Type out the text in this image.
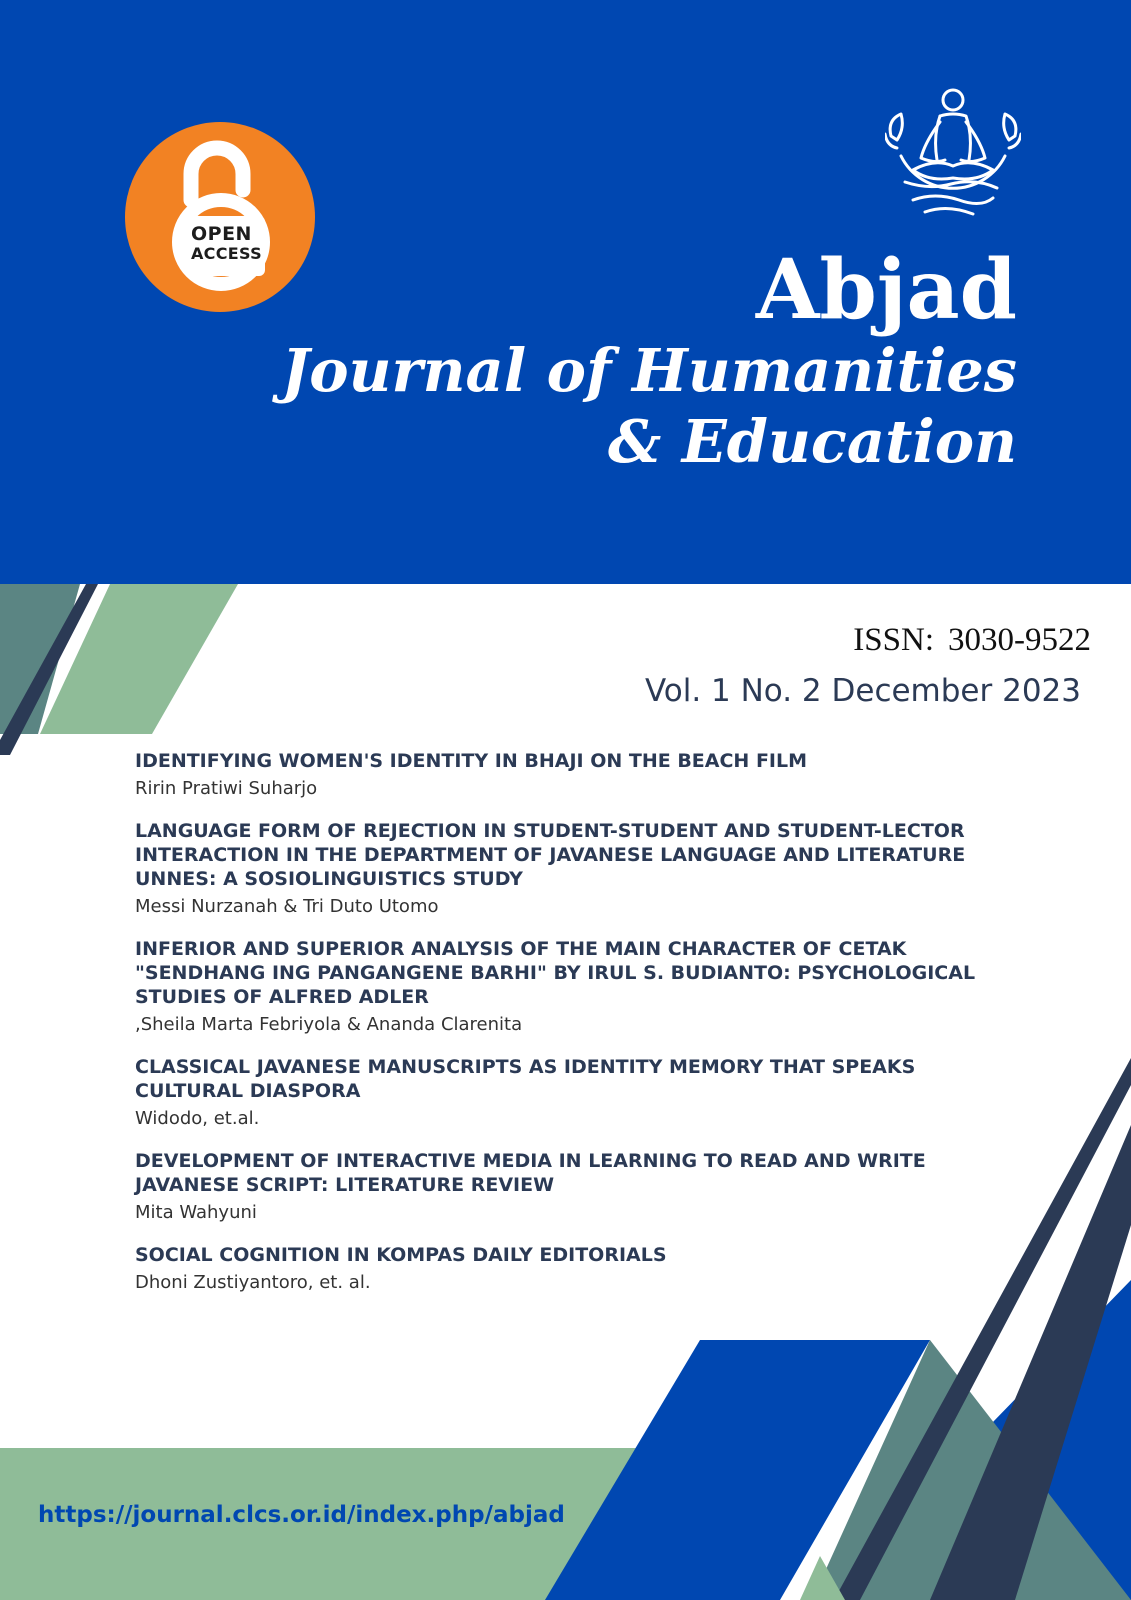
OPEN
ACCESS	Abjad
Journal of Humanities
& Education
ISSN: 3030-9522
Vol. 1 No. 2 December 2023
IDENTIFYING WOMEN'S IDENTITY IN BHAJI ON THE BEACH FILM
Ririn Pratiwi Suharjo
LANGUAGE FORM OF REJECTION IN STUDENT-STUDENT AND STUDENT-LECTOR INTERACTION IN THE DEPARTMENT OF JAVANESE LANGUAGE AND LITERATURE UNNES: A SOSIOLINGUISTICS STUDY
Messi Nurzanah & Tri Duto Utomo
INFERIOR AND SUPERIOR ANALYSIS OF THE MAIN CHARACTER OF CETAK "SENDHANG ING PANGANGENE BARHI" BY IRUL S. BUDIANTO: PSYCHOLOGICAL STUDIES OF ALFRED ADLER
,Sheila Marta Febriyola & Ananda Clarenita
CLASSICAL JAVANESE MANUSCRIPTS AS IDENTITY MEMORY THAT SPEAKS CULTURAL DIASPORA
Widodo, et.al.
DEVELOPMENT OF INTERACTIVE MEDIA IN LEARNING TO READ AND WRITE JAVANESE SCRIPT: LITERATURE REVIEW
Mita Wahyuni
SOCIAL COGNITION IN KOMPAS DAILY EDITORIALS
Dhoni Zustiyantoro, et. al.
https://journal.clcs.or.id/index.php/abjad
